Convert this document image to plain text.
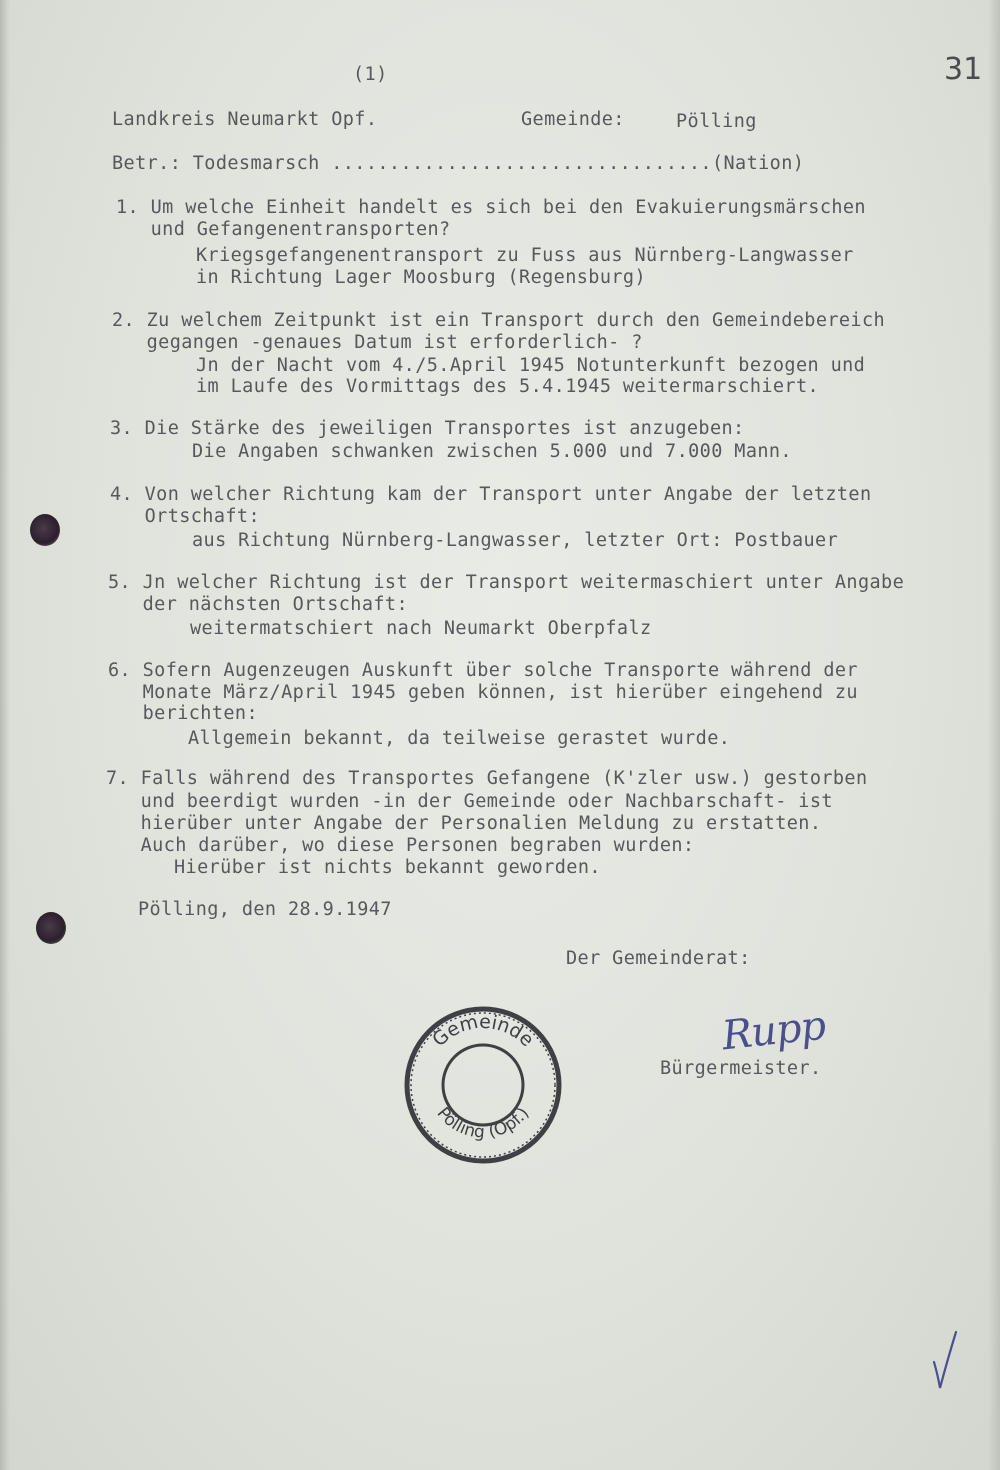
31
(1)
Landkreis Neumarkt Opf.	Gemeinde:	Pölling
Betr.: Todesmarsch .................................(Nation)
1. Um welche Einheit handelt es sich bei den Evakuierungsmärschen
und Gefangenentransporten?
Kriegsgefangenentransport zu Fuss aus Nürnberg-Langwasser
in Richtung Lager Moosburg (Regensburg)
2. Zu welchem Zeitpunkt ist ein Transport durch den Gemeindebereich
gegangen -genaues Datum ist erforderlich- ?
Jn der Nacht vom 4./5.April 1945 Notunterkunft bezogen und
im Laufe des Vormittags des 5.4.1945 weitermarschiert.
3. Die Stärke des jeweiligen Transportes ist anzugeben:
Die Angaben schwanken zwischen 5.000 und 7.000 Mann.
4. Von welcher Richtung kam der Transport unter Angabe der letzten
Ortschaft:
aus Richtung Nürnberg-Langwasser, letzter Ort: Postbauer
5. Jn welcher Richtung ist der Transport weitermaschiert unter Angabe
der nächsten Ortschaft:
weitermatschiert nach Neumarkt Oberpfalz
6. Sofern Augenzeugen Auskunft über solche Transporte während der
Monate März/April 1945 geben können, ist hierüber eingehend zu
berichten:
Allgemein bekannt, da teilweise gerastet wurde.
7. Falls während des Transportes Gefangene (K'zler usw.) gestorben
und beerdigt wurden -in der Gemeinde oder Nachbarschaft- ist
hierüber unter Angabe der Personalien Meldung zu erstatten.
Auch darüber, wo diese Personen begraben wurden:
Hierüber ist nichts bekannt geworden.
Pölling, den 28.9.1947
Der Gemeinderat:
Rupp
Bürgermeister.
Gemeinde
Pölling (Opf.)
